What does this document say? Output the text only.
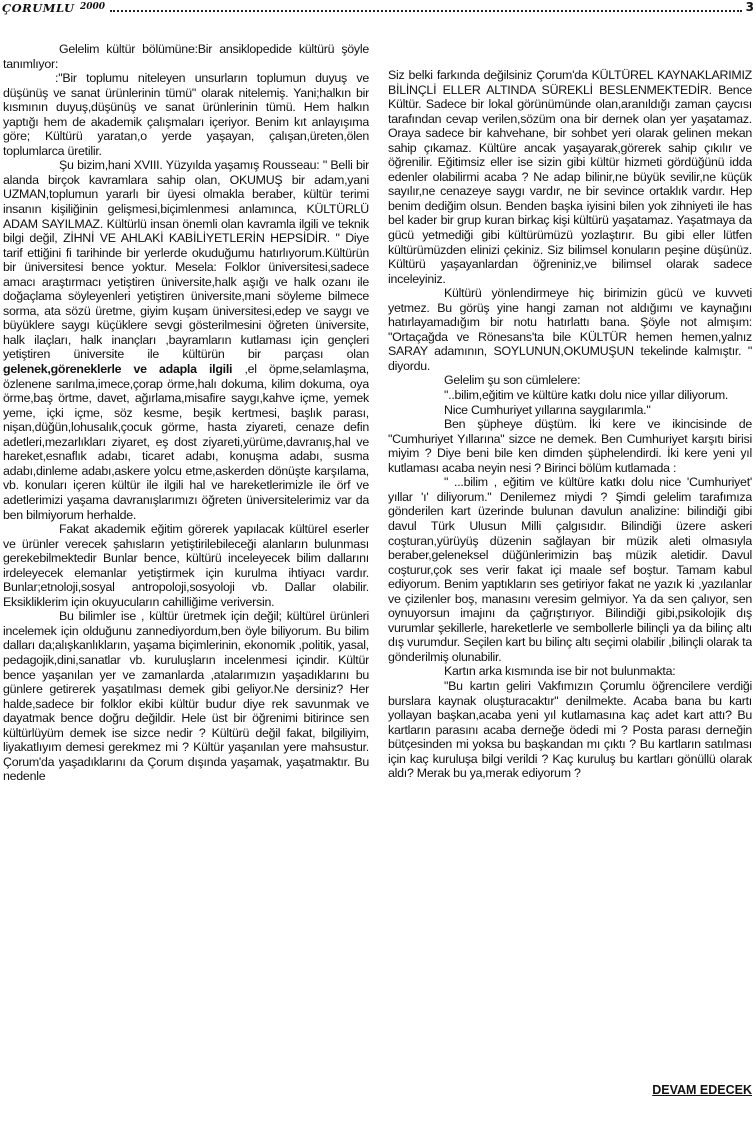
ÇORUMLU 2000	3

Gelelim kültür bölümüne:Bir ansiklopedide kültürü şöyle tanımlıyor:

:"Bir toplumu niteleyen unsurların toplumun duyuş ve düşünüş ve sanat ürünlerinin tümü" olarak nitelemiş. Yani;halkın bir kısmının duyuş,düşünüş ve sanat ürünlerinin tümü. Hem halkın yaptığı hem de akademik çalışmaları içeriyor. Benim kıt anlayışıma göre; Kültürü yaratan,o yerde yaşayan, çalışan,üreten,ölen toplumlarca üretilir.

Şu bizim,hani XVIII. Yüzyılda yaşamış Rousseau: " Belli bir alanda birçok kavramlara sahip olan, OKUMUŞ bir adam,yani UZMAN,toplumun yararlı bir üyesi olmakla beraber, kültür terimi insanın kişiliğinin gelişmesi,biçimlenmesi anlamınca, KÜLTÜRLÜ ADAM SAYILMAZ. Kültürlü insan önemli olan kavramla ilgili ve teknik bilgi değil, ZİHNİ VE AHLAKİ KABİLİYETLERİN HEPSİDİR. " Diye tarif ettiğini fi tarihinde bir yerlerde okuduğumu hatırlıyorum.Kültürün bir üniversitesi bence yoktur. Mesela: Folklor üniversitesi,sadece amacı araştırmacı yetiştiren üniversite,halk aşığı ve halk ozanı ile doğaçlama söyleyenleri yetiştiren üniversite,mani söyleme bilmece sorma, ata sözü üretme, giyim kuşam üniversitesi,edep ve saygı ve büyüklere saygı küçüklere sevgi gösterilmesini öğreten üniversite, halk ilaçları, halk inançları ,bayramların kutlaması için gençleri yetiştiren üniversite ile kültürün bir parçası olan gelenek,göreneklerle ve adapla ilgili ,el öpme,selamlaşma, özlenene sarılma,imece,çorap örme,halı dokuma, kilim dokuma, oya örme,baş örtme, davet, ağırlama,misafire saygı,kahve içme, yemek yeme, içki içme, söz kesme, beşik kertmesi, başlık parası, nişan,düğün,lohusalık,çocuk görme, hasta ziyareti, cenaze defin adetleri,mezarlıkları ziyaret, eş dost ziyareti,yürüme,davranış,hal ve hareket,esnaflık adabı, ticaret adabı, konuşma adabı, susma adabı,dinleme adabı,askere yolcu etme,askerden dönüşte karşılama, vb. konuları içeren kültür ile ilgili hal ve hareketlerimizle ile örf ve adetlerimizi yaşama davranışlarımızı öğreten üniversitelerimiz var da ben bilmiyorum herhalde.

Fakat akademik eğitim görerek yapılacak kültürel eserler ve ürünler verecek şahısların yetiştirilebileceği alanların bulunması gerekebilmektedir Bunlar bence, kültürü inceleyecek bilim dallarını irdeleyecek elemanlar yetiştirmek için kurulma ihtiyacı vardır. Bunlar;etnoloji,sosyal antropoloji,sosyoloji vb. Dallar olabilir. Eksikliklerim için okuyucuların cahilliğime veriversin.

Bu bilimler ise , kültür üretmek için değil; kültürel ürünleri incelemek için olduğunu zannediyordum,ben öyle biliyorum. Bu bilim dalları da;alışkanlıkların, yaşama biçimlerinin, ekonomik ,politik, yasal, pedagojik,dini,sanatlar vb. kuruluşların incelenmesi içindir. Kültür bence yaşanılan yer ve zamanlarda ,atalarımızın yaşadıklarını bu günlere getirerek yaşatılması demek gibi geliyor.Ne dersiniz? Her halde,sadece bir folklor ekibi kültür budur diye rek savunmak ve dayatmak bence doğru değildir. Hele üst bir öğrenimi bitirince sen kültürlüyüm demek ise sizce nedir ? Kültürü değil fakat, bilgiliyim, liyakatlıyım demesi gerekmez mi ? Kültür yaşanılan yere mahsustur. Çorum'da yaşadıklarını da Çorum dışında yaşamak, yaşatmaktır. Bu nedenle

Siz belki farkında değilsiniz Çorum'da KÜLTÜREL KAYNAKLARIMIZ BİLİNÇLİ ELLER ALTINDA SÜREKLİ BESLENMEKTEDİR. Bence Kültür. Sadece bir lokal görünümünde olan,aranıldığı zaman çaycısı tarafından cevap verilen,sözüm ona bir dernek olan yer yaşatamaz. Oraya sadece bir kahvehane, bir sohbet yeri olarak gelinen mekan sahip çıkamaz. Kültüre ancak yaşayarak,görerek sahip çıkılır ve öğrenilir. Eğitimsiz eller ise sizin gibi kültür hizmeti gördüğünü idda edenler olabilirmi acaba ? Ne adap bilinir,ne büyük sevilir,ne küçük sayılır,ne cenazeye saygı vardır, ne bir sevince ortaklık vardır. Hep benim dediğim olsun. Benden başka iyisini bilen yok zihniyeti ile has bel kader bir grup kuran birkaç kişi kültürü yaşatamaz. Yaşatmaya da gücü yetmediği gibi kültürümüzü yozlaştırır. Bu gibi eller lütfen kültürümüzden elinizi çekiniz. Siz bilimsel konuların peşine düşünüz. Kültürü yaşayanlardan öğreniniz,ve bilimsel olarak sadece inceleyiniz.

Kültürü yönlendirmeye hiç birimizin gücü ve kuvveti yetmez. Bu görüş yine hangi zaman not aldığımı ve kaynağını hatırlayamadığım bir notu hatırlattı bana. Şöyle not almışım: "Ortaçağda ve Rönesans'ta bile KÜLTÜR hemen hemen,yalnız SARAY adamının, SOYLUNUN,OKUMUŞUN tekelinde kalmıştır. " diyordu.

Gelelim şu son cümlelere:

"..bilim,eğitim ve kültüre katkı dolu nice yıllar diliyorum.

Nice Cumhuriyet yıllarına saygılarımla."

Ben şüpheye düştüm. İki kere ve ikincisinde de "Cumhuriyet Yıllarına" sizce ne demek. Ben Cumhuriyet karşıtı birisi miyim ? Diye beni bile ken dimden şüphelendirdi. İki kere yeni yıl kutlaması acaba neyin nesi ? Birinci bölüm kutlamada :

" ...bilim , eğitim ve kültüre katkı dolu nice 'Cumhuriyet' yıllar 'ı' diliyorum." Denilemez miydi ? Şimdi gelelim tarafımıza gönderilen kart üzerinde bulunan davulun analizine: bilindiği gibi davul Türk Ulusun Milli çalgısıdır. Bilindiği üzere askeri coşturan,yürüyüş düzenin sağlayan bir müzik aleti olmasıyla beraber,geleneksel düğünlerimizin baş müzik aletidir. Davul coşturur,çok ses verir fakat içi maale sef boştur. Tamam kabul ediyorum. Benim yaptıkların ses getiriyor fakat ne yazık ki ,yazılanlar ve çizilenler boş, manasını veresim gelmiyor. Ya da sen çalıyor, sen oynuyorsun imajını da çağrıştırıyor. Bilindiği gibi,psikolojik dış vurumlar şekillerle, hareketlerle ve sembollerle bilinçli ya da bilinç altı dış vurumdur. Seçilen kart bu bilinç altı seçimi olabilir ,bilinçli olarak ta gönderilmiş olunabilir.

Kartın arka kısmında ise bir not bulunmakta:

"Bu kartın geliri Vakfımızın Çorumlu öğrencilere verdiği burslara kaynak oluşturacaktır" denilmekte. Acaba bana bu kartı yollayan başkan,acaba yeni yıl kutlamasına kaç adet kart attı? Bu kartların parasını acaba derneğe ödedi mi ? Posta parası derneğin bütçesinden mi yoksa bu başkandan mı çıktı ? Bu kartların satılması için kaç kuruluşa bilgi verildi ? Kaç kuruluş bu kartları gönüllü olarak aldı? Merak bu ya,merak ediyorum ?

DEVAM EDECEK
